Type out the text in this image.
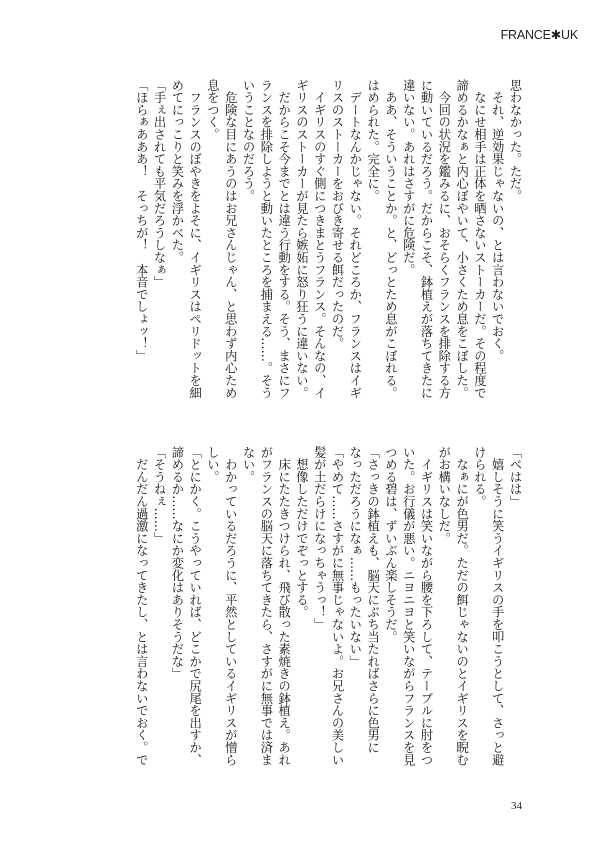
FRANCE✱UK
思わなかった。ただ。
　それ、逆効果じゃないの、とは言わないでおく。
　なにせ相手は正体を晒さないストーカーだ。その程度で
諦めるかなぁと内心ぼやいて、小さくため息をこぼした。
　今回の状況を鑑みるに、おそらくフランスを排除する方
に動いているだろう。だからこそ、鉢植えが落ちてきたに
違いない。あれはさすがに危険だ。
　ああ、そういうことか。と、どっとため息がこぼれる。
はめられた。完全に。
　デートなんかじゃない。それどころか、フランスはイギ
リスのストーカーをおびき寄せる餌だったのだ。
　イギリスのすぐ側につきまとうフランス。そんなの、イ
ギリスのストーカーが見たら嫉妬に怒り狂うに違いない。
　だからこそ今までとは違う行動をする。そう、まさにフ
ランスを排除しようと動いたところを捕まえる……。そう
いうことなのだろう。
　危険な目にあうのはお兄さんじゃん、と思わず内心ため
息をつく。
　フランスのぼやきをよそに、イギリスはペリドットを細
めてにっこりと笑みを浮かべた。
「手ぇ出されても平気だろうしなぁ」
「ほらぁあああ！　そっちが！　本音でしょッ！」
「べはは」
　嬉しそうに笑うイギリスの手を叩こうとして、さっと避
けられる。
　なぁにが色男だ。ただの餌じゃないのとイギリスを睨む
がお構いなしだ。
　イギリスは笑いながら腰を下ろして、テーブルに肘をつ
いた。お行儀が悪い。ニヨニヨと笑いながらフランスを見
つめる碧は、ずいぶん楽しそうだ。
「さっきの鉢植えも、脳天にぶち当たればさらに色男に
なっただろうになぁ……もったいない」
「やめて……さすがに無事じゃないよ。お兄さんの美しい
髪が土だらけになっちゃうっ！」
　想像しただけでぞっとする。
　床にたたきつけられ、飛び散った素焼きの鉢植え。あれ
がフランスの脳天に落ちてきたら、さすがに無事では済ま
ない。
　わかっているだろうに、平然としているイギリスが憎ら
しい。
「とにかく。こうやっていれば、どこかで尻尾を出すか、
諦めるか……なにか変化はありそうだな」
「そうねぇ……」
　だんだん過激になってきたし、とは言わないでおく。で
34
